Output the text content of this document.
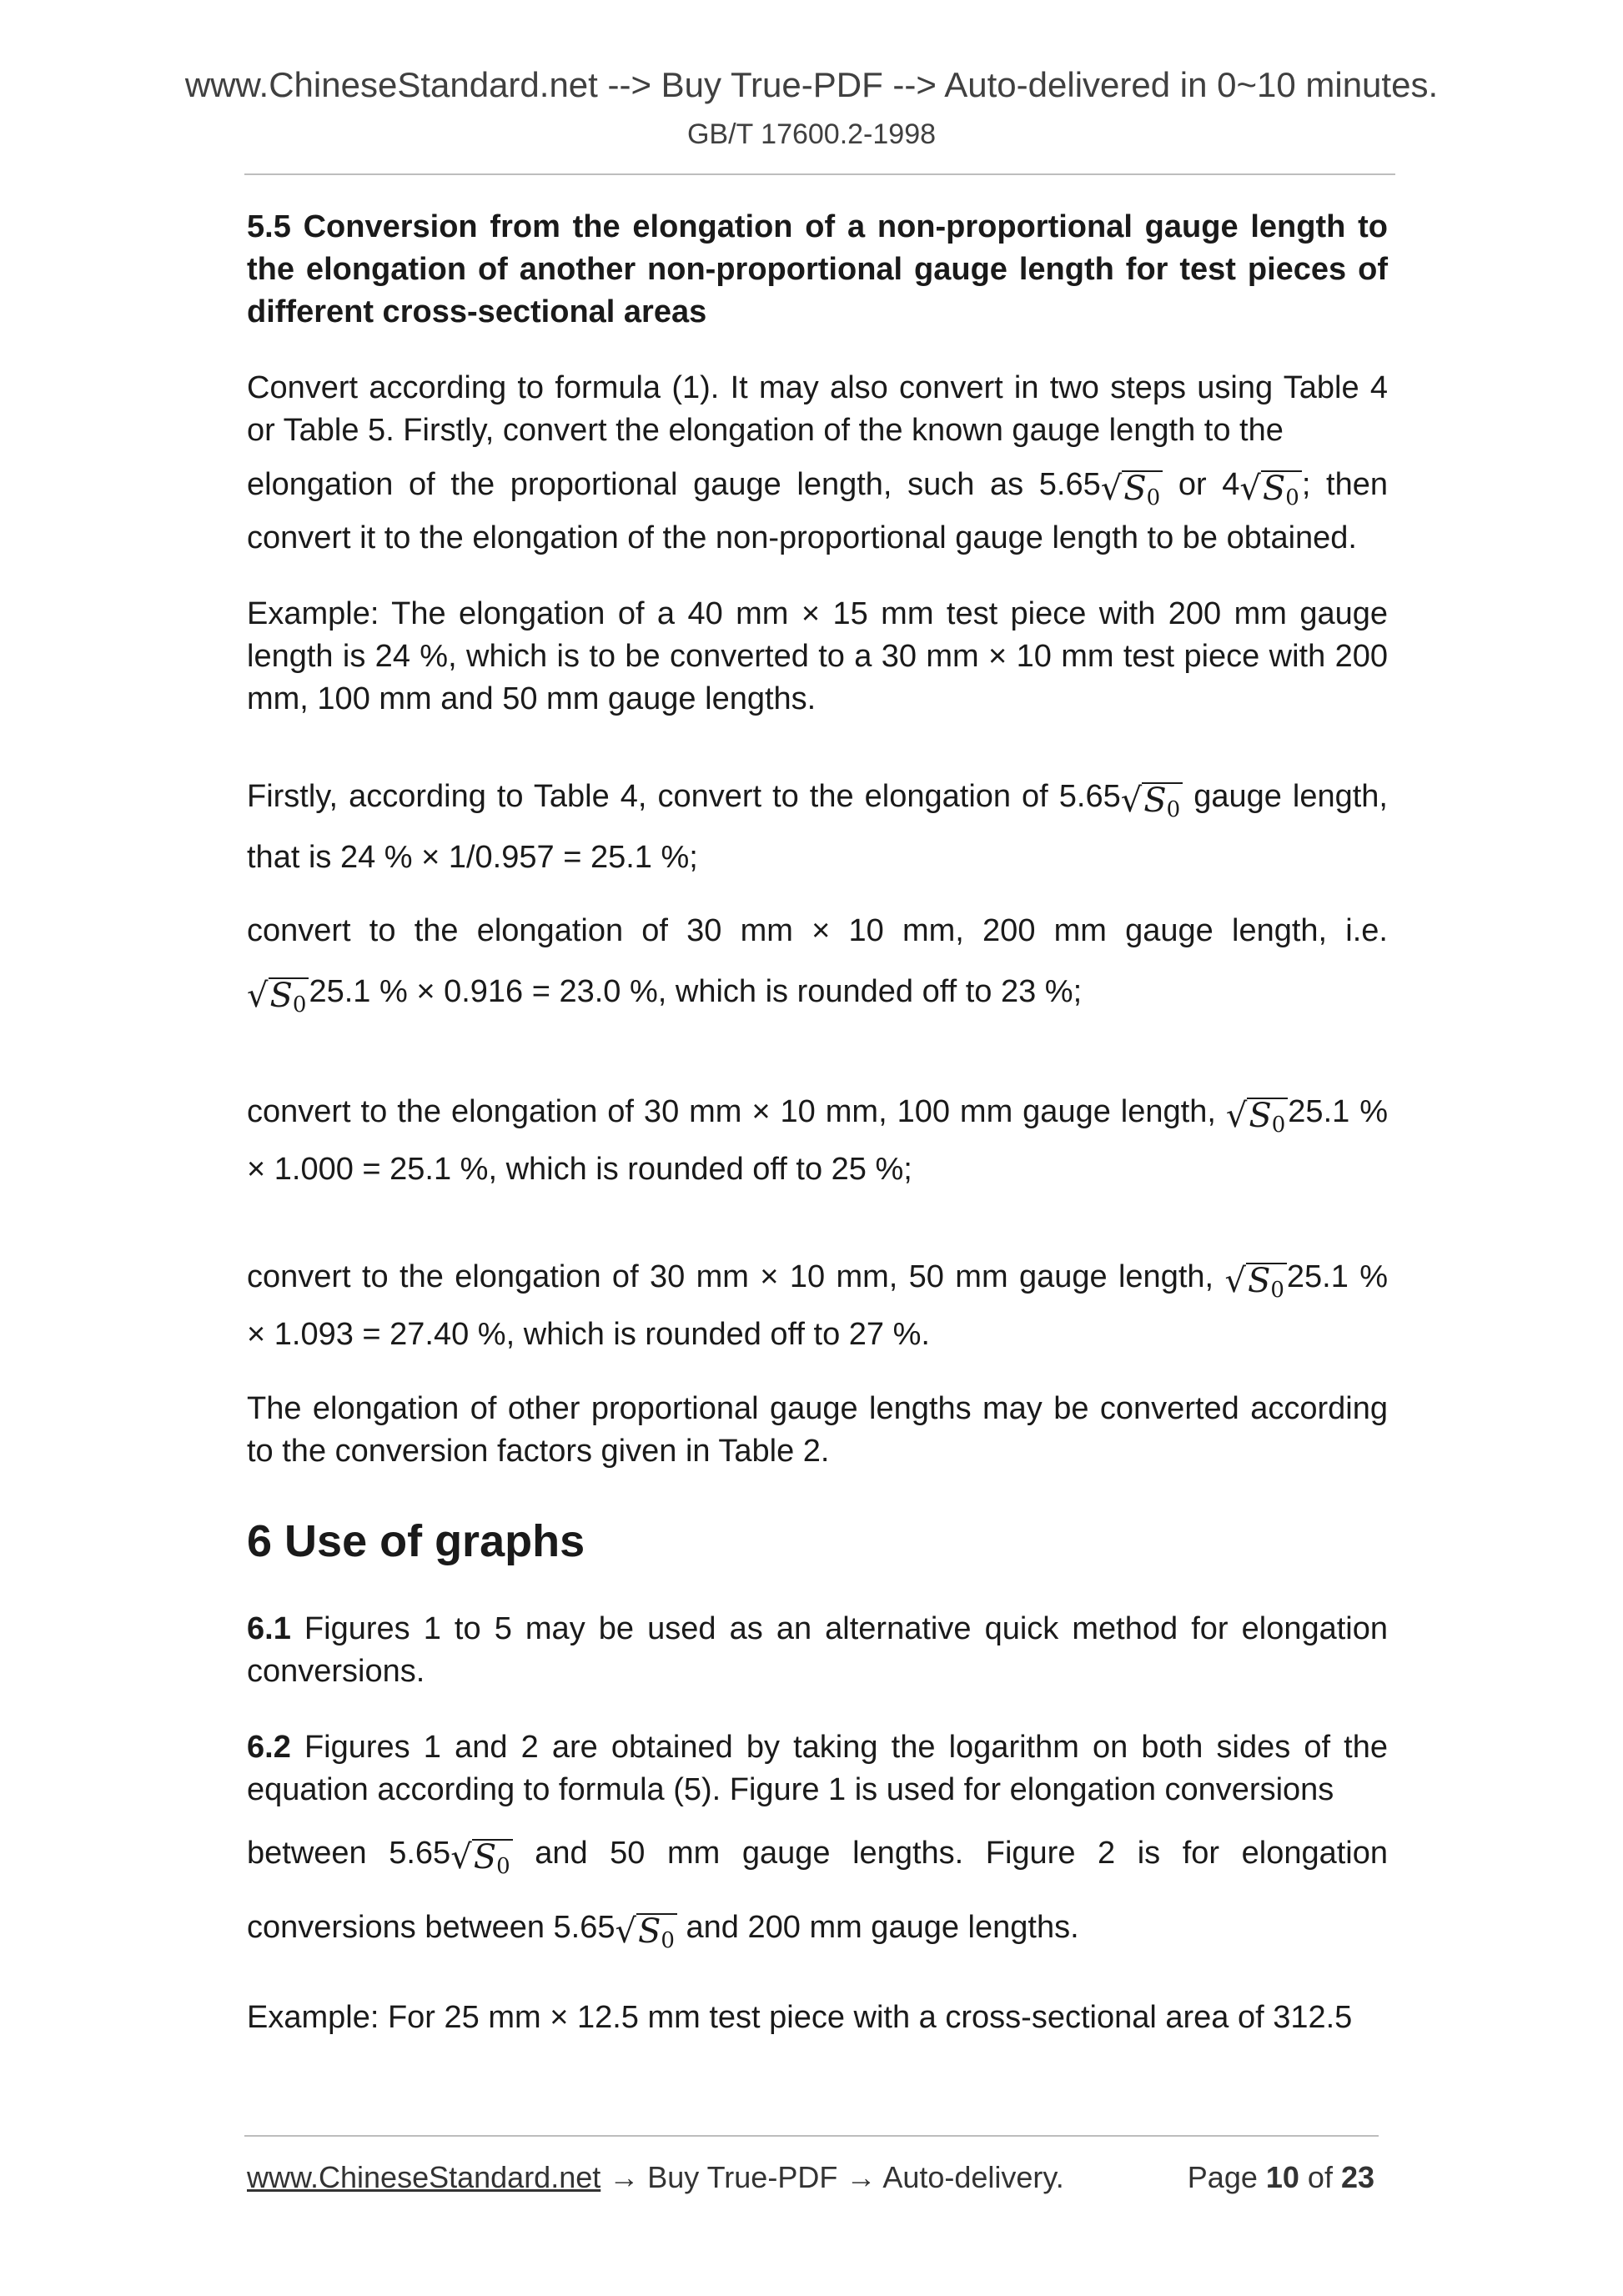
www.ChineseStandard.net --> Buy True-PDF --> Auto-delivered in 0~10 minutes.
GB/T 17600.2-1998

5.5 Conversion from the elongation of a non-proportional gauge length to the elongation of another non-proportional gauge length for test pieces of different cross-sectional areas

Convert according to formula (1). It may also convert in two steps using Table 4 or Table 5. Firstly, convert the elongation of the known gauge length to the

elongation of the proportional gauge length, such as $5.65√S_0$ or $4√S_0$; then

convert it to the elongation of the non-proportional gauge length to be obtained.

Example: The elongation of a 40 mm × 15 mm test piece with 200 mm gauge length is 24 %, which is to be converted to a 30 mm × 10 mm test piece with 200 mm, 100 mm and 50 mm gauge lengths.

Firstly, according to Table 4, convert to the elongation of $5.65√S_0$ gauge length,

that is 24 % × 1/0.957 = 25.1 %;

convert to the elongation of 30 mm × 10 mm, 200 mm gauge length, i.e.

$√S_025.1$ % × 0.916 = 23.0 %, which is rounded off to 23 %;

convert to the elongation of 30 mm × 10 mm, 100 mm gauge length, $√S_025.1$ %

× 1.000 = 25.1 %, which is rounded off to 25 %;

convert to the elongation of 30 mm × 10 mm, 50 mm gauge length, $√S_025.1$ %

× 1.093 = 27.40 %, which is rounded off to 27 %.

The elongation of other proportional gauge lengths may be converted according to the conversion factors given in Table 2.

6 Use of graphs

6.1 Figures 1 to 5 may be used as an alternative quick method for elongation conversions.

6.2 Figures 1 and 2 are obtained by taking the logarithm on both sides of the equation according to formula (5). Figure 1 is used for elongation conversions

between $5.65√S_0$ and 50 mm gauge lengths. Figure 2 is for elongation

conversions between $5.65√S_0$ and 200 mm gauge lengths.

Example: For 25 mm × 12.5 mm test piece with a cross-sectional area of 312.5

www.ChineseStandard.net → Buy True-PDF → Auto-delivery.	Page 10 of 23
